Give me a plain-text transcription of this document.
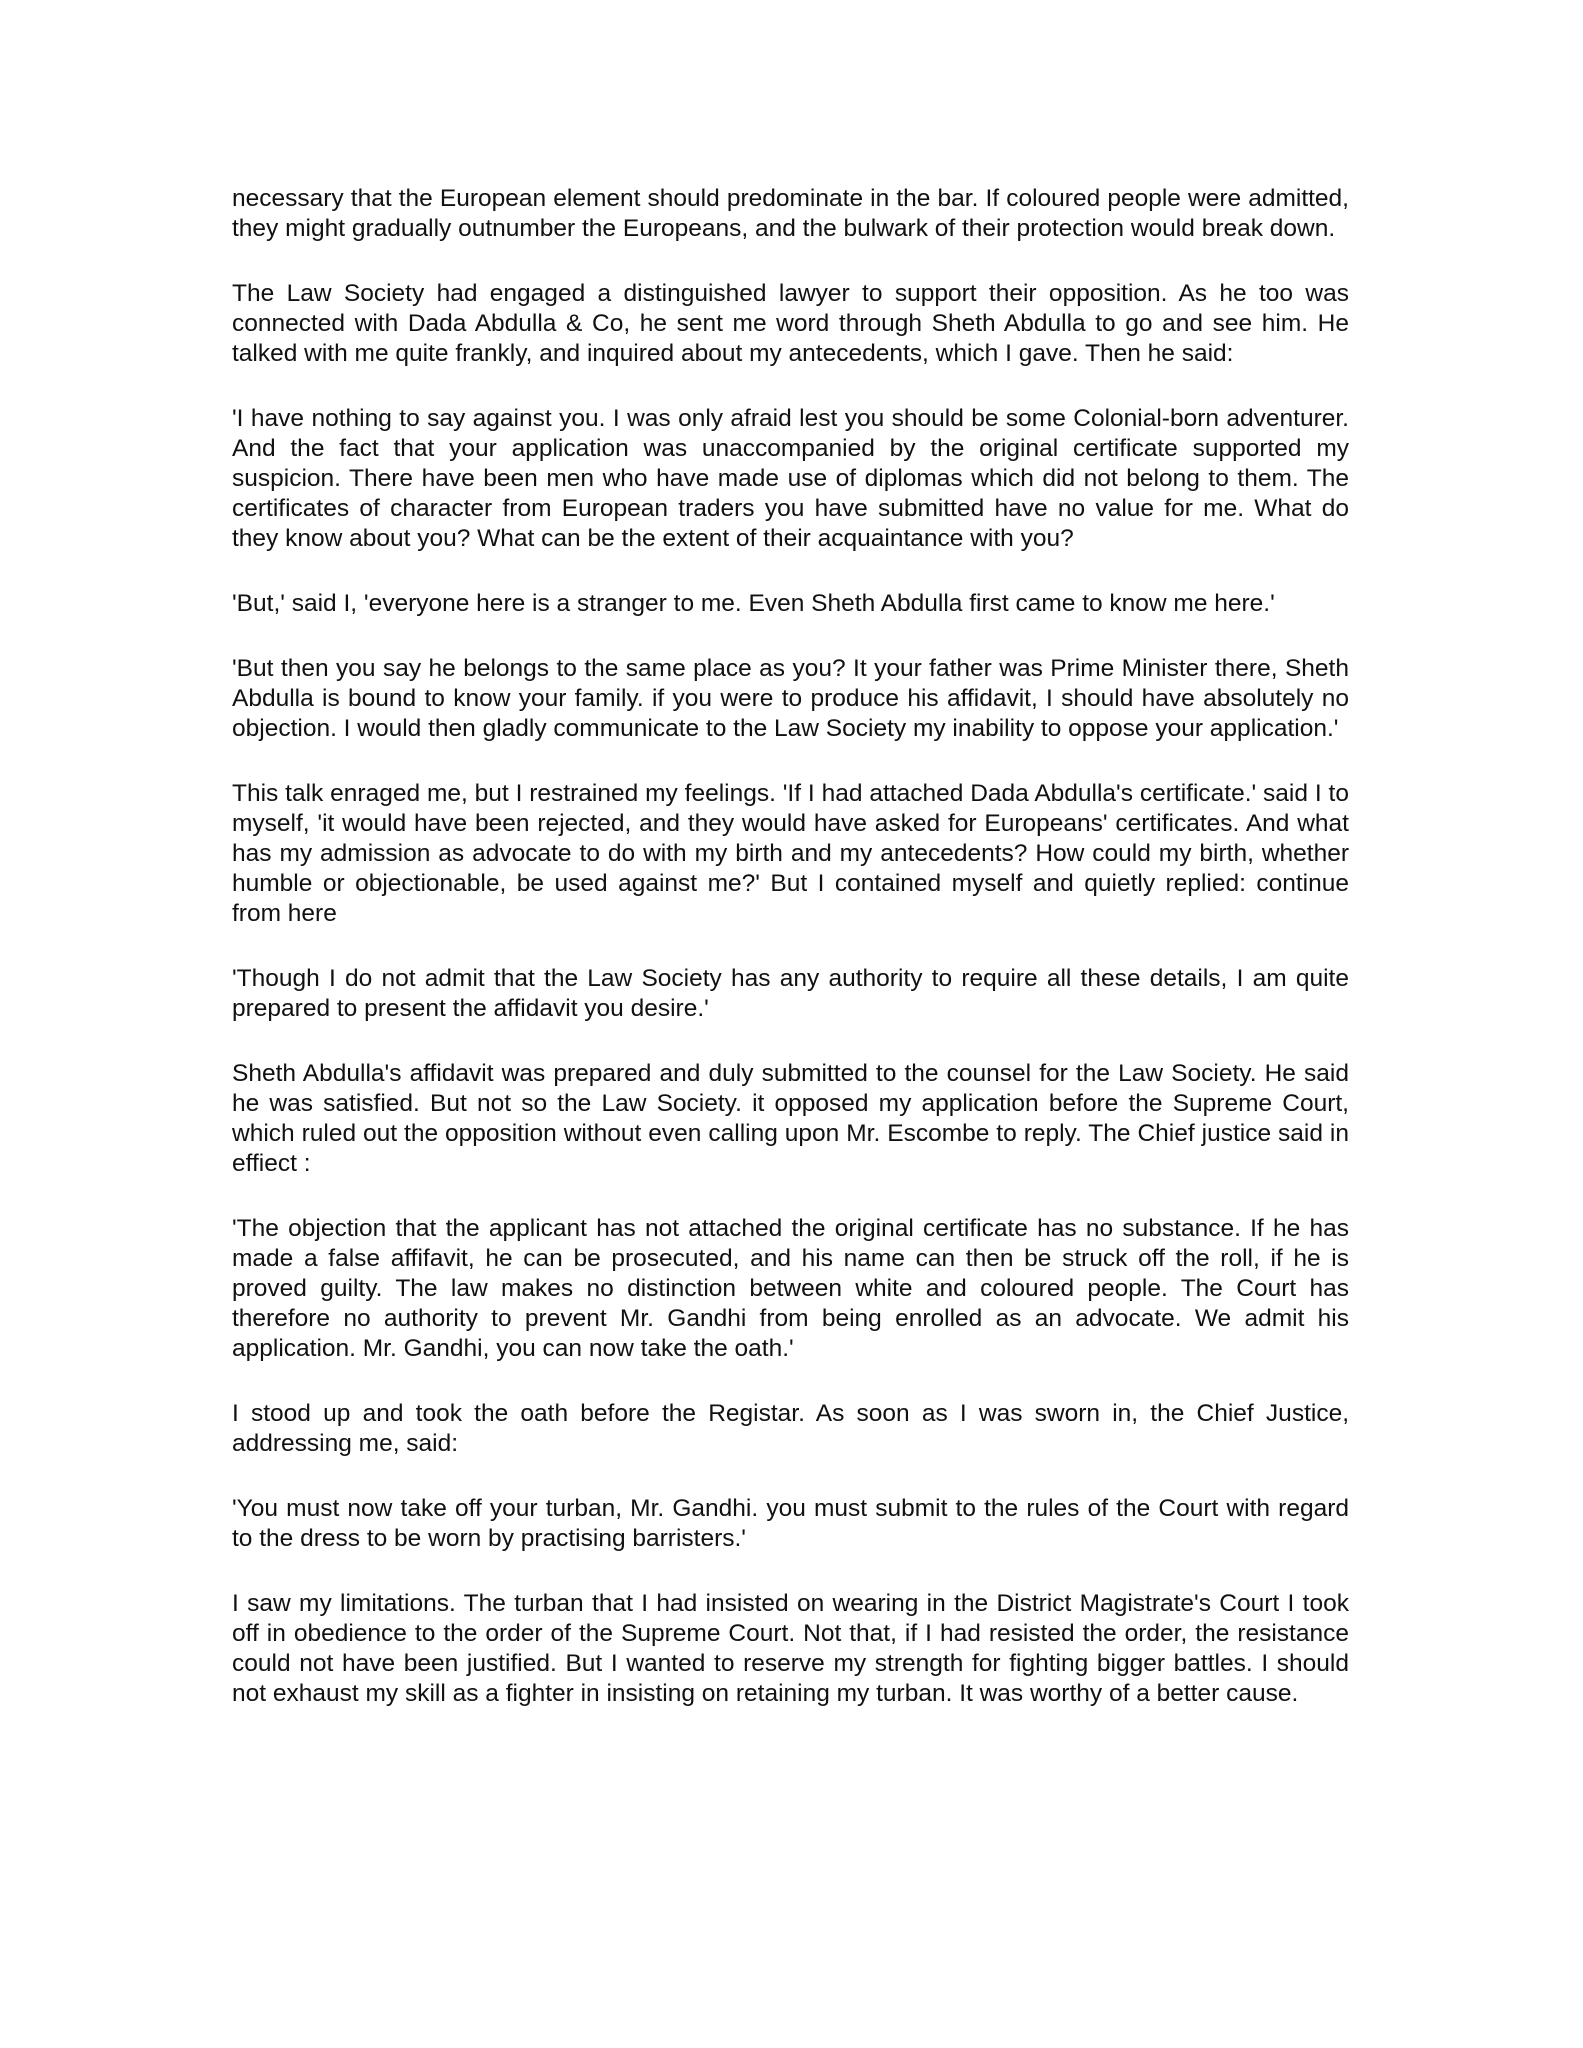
necessary that the European element should predominate in the bar. If coloured people were admitted, they might gradually outnumber the Europeans, and the bulwark of their protection would break down.

The Law Society had engaged a distinguished lawyer to support their opposition. As he too was connected with Dada Abdulla & Co, he sent me word through Sheth Abdulla to go and see him. He talked with me quite frankly, and inquired about my antecedents, which I gave. Then he said:

'I have nothing to say against you. I was only afraid lest you should be some Colonial-born adventurer. And the fact that your application was unaccompanied by the original certificate supported my suspicion. There have been men who have made use of diplomas which did not belong to them. The certificates of character from European traders you have submitted have no value for me. What do they know about you? What can be the extent of their acquaintance with you?

'But,' said I, 'everyone here is a stranger to me. Even Sheth Abdulla first came to know me here.'

'But then you say he belongs to the same place as you? It your father was Prime Minister there, Sheth Abdulla is bound to know your family. if you were to produce his affidavit, I should have absolutely no objection. I would then gladly communicate to the Law Society my inability to oppose your application.'

This talk enraged me, but I restrained my feelings. 'If I had attached Dada Abdulla's certificate.' said I to myself, 'it would have been rejected, and they would have asked for Europeans' certificates. And what has my admission as advocate to do with my birth and my antecedents? How could my birth, whether humble or objectionable, be used against me?' But I contained myself and quietly replied: continue from here

'Though I do not admit that the Law Society has any authority to require all these details, I am quite prepared to present the affidavit you desire.'

Sheth Abdulla's affidavit was prepared and duly submitted to the counsel for the Law Society. He said he was satisfied. But not so the Law Society. it opposed my application before the Supreme Court, which ruled out the opposition without even calling upon Mr. Escombe to reply. The Chief justice said in effiect :

'The objection that the applicant has not attached the original certificate has no substance. If he has made a false affifavit, he can be prosecuted, and his name can then be struck off the roll, if he is proved guilty. The law makes no distinction between white and coloured people. The Court has therefore no authority to prevent Mr. Gandhi from being enrolled as an advocate. We admit his application. Mr. Gandhi, you can now take the oath.'

I stood up and took the oath before the Registar. As soon as I was sworn in, the Chief Justice, addressing me, said:

'You must now take off your turban, Mr. Gandhi. you must submit to the rules of the Court with regard to the dress to be worn by practising barristers.'

I saw my limitations. The turban that I had insisted on wearing in the District Magistrate's Court I took off in obedience to the order of the Supreme Court. Not that, if I had resisted the order, the resistance could not have been justified. But I wanted to reserve my strength for fighting bigger battles. I should not exhaust my skill as a fighter in insisting on retaining my turban. It was worthy of a better cause.
